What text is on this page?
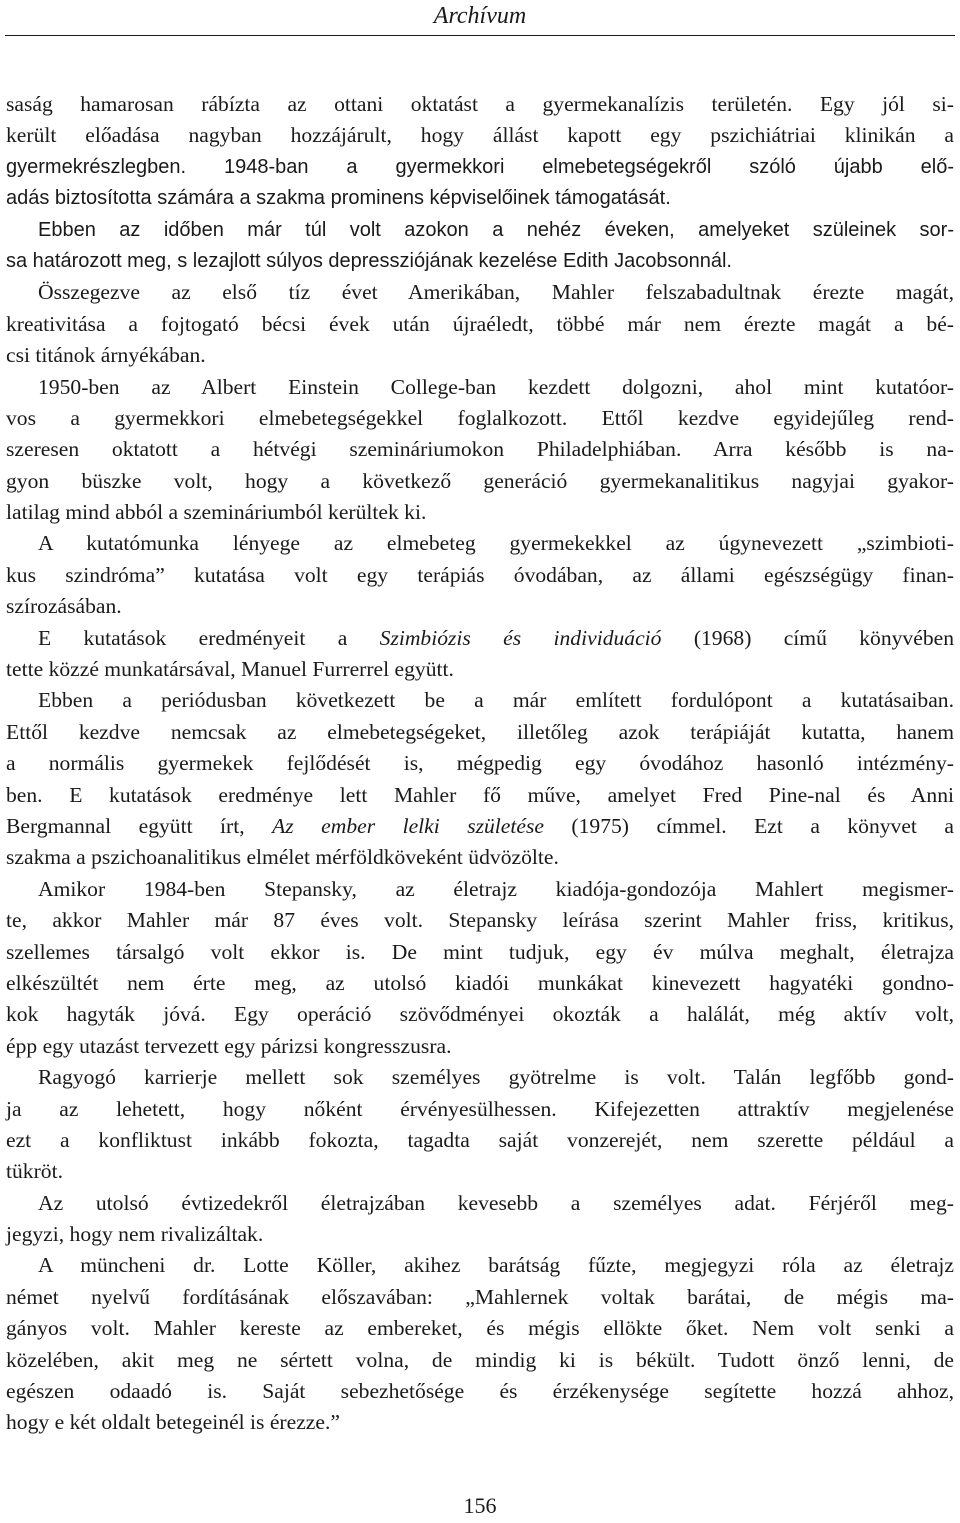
Archívum
saság hamarosan rábízta az ottani oktatást a gyermekanalízis területén. Egy jól si-
került előadása nagyban hozzájárult, hogy állást kapott egy pszichiátriai klinikán a
gyermekrészlegben. 1948-ban a gyermekkori elmebetegségekről szóló újabb elő-
adás biztosította számára a szakma prominens képviselőinek támogatását.
Ebben az időben már túl volt azokon a nehéz éveken, amelyeket szüleinek sor-
sa határozott meg, s lezajlott súlyos depressziójának kezelése Edith Jacobsonnál.
Összegezve az első tíz évet Amerikában, Mahler felszabadultnak érezte magát,
kreativitása a fojtogató bécsi évek után újraéledt, többé már nem érezte magát a bé-
csi titánok árnyékában.
1950-ben az Albert Einstein College-ban kezdett dolgozni, ahol mint kutatóor-
vos a gyermekkori elmebetegségekkel foglalkozott. Ettől kezdve egyidejűleg rend-
szeresen oktatott a hétvégi szemináriumokon Philadelphiában. Arra később is na-
gyon büszke volt, hogy a következő generáció gyermekanalitikus nagyjai gyakor-
latilag mind abból a szemináriumból kerültek ki.
A kutatómunka lényege az elmebeteg gyermekekkel az úgynevezett „szimbioti-
kus szindróma” kutatása volt egy terápiás óvodában, az állami egészségügy finan-
szírozásában.
E kutatások eredményeit a Szimbiózis és individuáció (1968) című könyvében
tette közzé munkatársával, Manuel Furrerrel együtt.
Ebben a periódusban következett be a már említett fordulópont a kutatásaiban.
Ettől kezdve nemcsak az elmebetegségeket, illetőleg azok terápiáját kutatta, hanem
a normális gyermekek fejlődését is, mégpedig egy óvodához hasonló intézmény-
ben. E kutatások eredménye lett Mahler fő műve, amelyet Fred Pine-nal és Anni
Bergmannal együtt írt, Az ember lelki születése (1975) címmel. Ezt a könyvet a
szakma a pszichoanalitikus elmélet mérföldköveként üdvözölte.
Amikor 1984-ben Stepansky, az életrajz kiadója-gondozója Mahlert megismer-
te, akkor Mahler már 87 éves volt. Stepansky leírása szerint Mahler friss, kritikus,
szellemes társalgó volt ekkor is. De mint tudjuk, egy év múlva meghalt, életrajza
elkészültét nem érte meg, az utolsó kiadói munkákat kinevezett hagyatéki gondno-
kok hagyták jóvá. Egy operáció szövődményei okozták a halálát, még aktív volt,
épp egy utazást tervezett egy párizsi kongresszusra.
Ragyogó karrierje mellett sok személyes gyötrelme is volt. Talán legfőbb gond-
ja az lehetett, hogy nőként érvényesülhessen. Kifejezetten attraktív megjelenése
ezt a konfliktust inkább fokozta, tagadta saját vonzerejét, nem szerette például a
tükröt.
Az utolsó évtizedekről életrajzában kevesebb a személyes adat. Férjéről meg-
jegyzi, hogy nem rivalizáltak.
A müncheni dr. Lotte Köller, akihez barátság fűzte, megjegyzi róla az életrajz
német nyelvű fordításának előszavában: „Mahlernek voltak barátai, de mégis ma-
gányos volt. Mahler kereste az embereket, és mégis ellökte őket. Nem volt senki a
közelében, akit meg ne sértett volna, de mindig ki is békült. Tudott önző lenni, de
egészen odaadó is. Saját sebezhetősége és érzékenysége segítette hozzá ahhoz,
hogy e két oldalt betegeinél is érezze.”
156
